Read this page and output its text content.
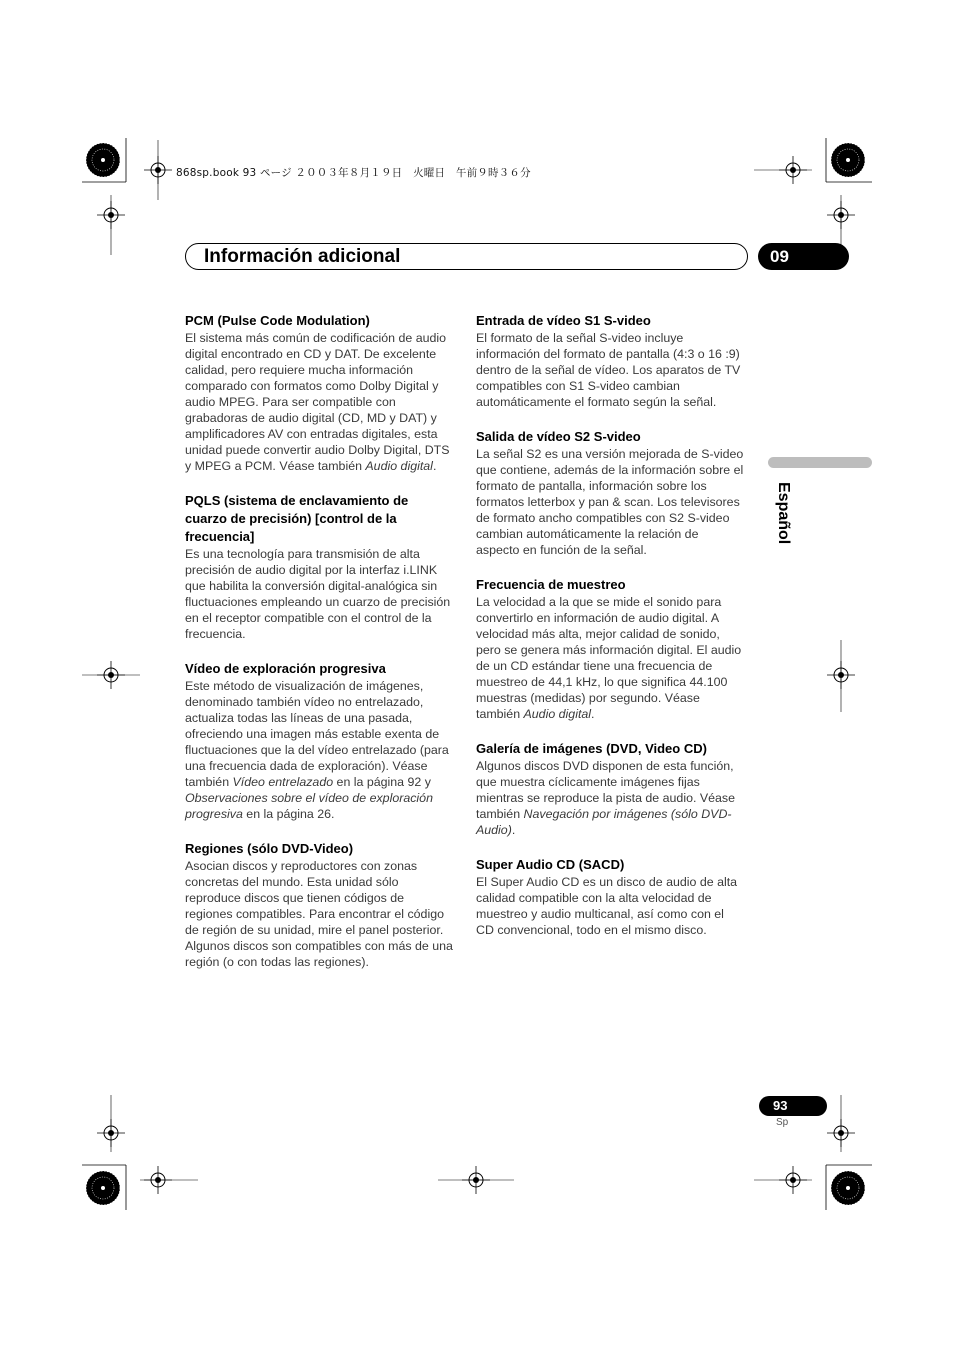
868sp.book 93 ページ ２００３年８月１９日　火曜日　午前９時３６分
Información adicional	09
PCM (Pulse Code Modulation)

El sistema más común de codificación de audio digital encontrado en CD y DAT. De excelente calidad, pero requiere mucha información comparado con formatos como Dolby Digital y audio MPEG. Para ser compatible con grabadoras de audio digital (CD, MD y DAT) y amplificadores AV con entradas digitales, esta unidad puede convertir audio Dolby Digital, DTS y MPEG a PCM. Véase también Audio digital.

PQLS (sistema de enclavamiento de cuarzo de precisión) [control de la frecuencia]

Es una tecnología para transmisión de alta precisión de audio digital por la interfaz i.LINK que habilita la conversión digital-analógica sin fluctuaciones empleando un cuarzo de precisión en el receptor compatible con el control de la frecuencia.

Vídeo de exploración progresiva

Este método de visualización de imágenes, denominado también vídeo no entrelazado, actualiza todas las líneas de una pasada, ofreciendo una imagen más estable exenta de fluctuaciones que la del vídeo entrelazado (para una frecuencia dada de exploración). Véase también Vídeo entrelazado en la página 92 y Observaciones sobre el vídeo de exploración progresiva en la página 26.

Regiones (sólo DVD-Video)

Asocian discos y reproductores con zonas concretas del mundo. Esta unidad sólo reproduce discos que tienen códigos de regiones compatibles. Para encontrar el código de región de su unidad, mire el panel posterior. Algunos discos son compatibles con más de una región (o con todas las regiones).

Entrada de vídeo S1 S-video

El formato de la señal S-video incluye información del formato de pantalla (4:3 o 16 :9) dentro de la señal de vídeo. Los aparatos de TV compatibles con S1 S-video cambian automáticamente el formato según la señal.

Salida de vídeo S2 S-video

La señal S2 es una versión mejorada de S-video que contiene, además de la información sobre el formato de pantalla, información sobre los formatos letterbox y pan & scan. Los televisores de formato ancho compatibles con S2 S-video cambian automáticamente la relación de aspecto en función de la señal.

Frecuencia de muestreo

La velocidad a la que se mide el sonido para convertirlo en información de audio digital. A velocidad más alta, mejor calidad de sonido, pero se genera más información digital. El audio de un CD estándar tiene una frecuencia de muestreo de 44,1 kHz, lo que significa 44.100 muestras (medidas) por segundo. Véase también Audio digital.

Galería de imágenes (DVD, Video CD)

Algunos discos DVD disponen de esta función, que muestra cíclicamente imágenes fijas mientras se reproduce la pista de audio. Véase también Navegación por imágenes (sólo DVD-Audio).

Super Audio CD (SACD)

El Super Audio CD es un disco de audio de alta calidad compatible con la alta velocidad de muestreo y audio multicanal, así como con el CD convencional, todo en el mismo disco.

Español
93
Sp
